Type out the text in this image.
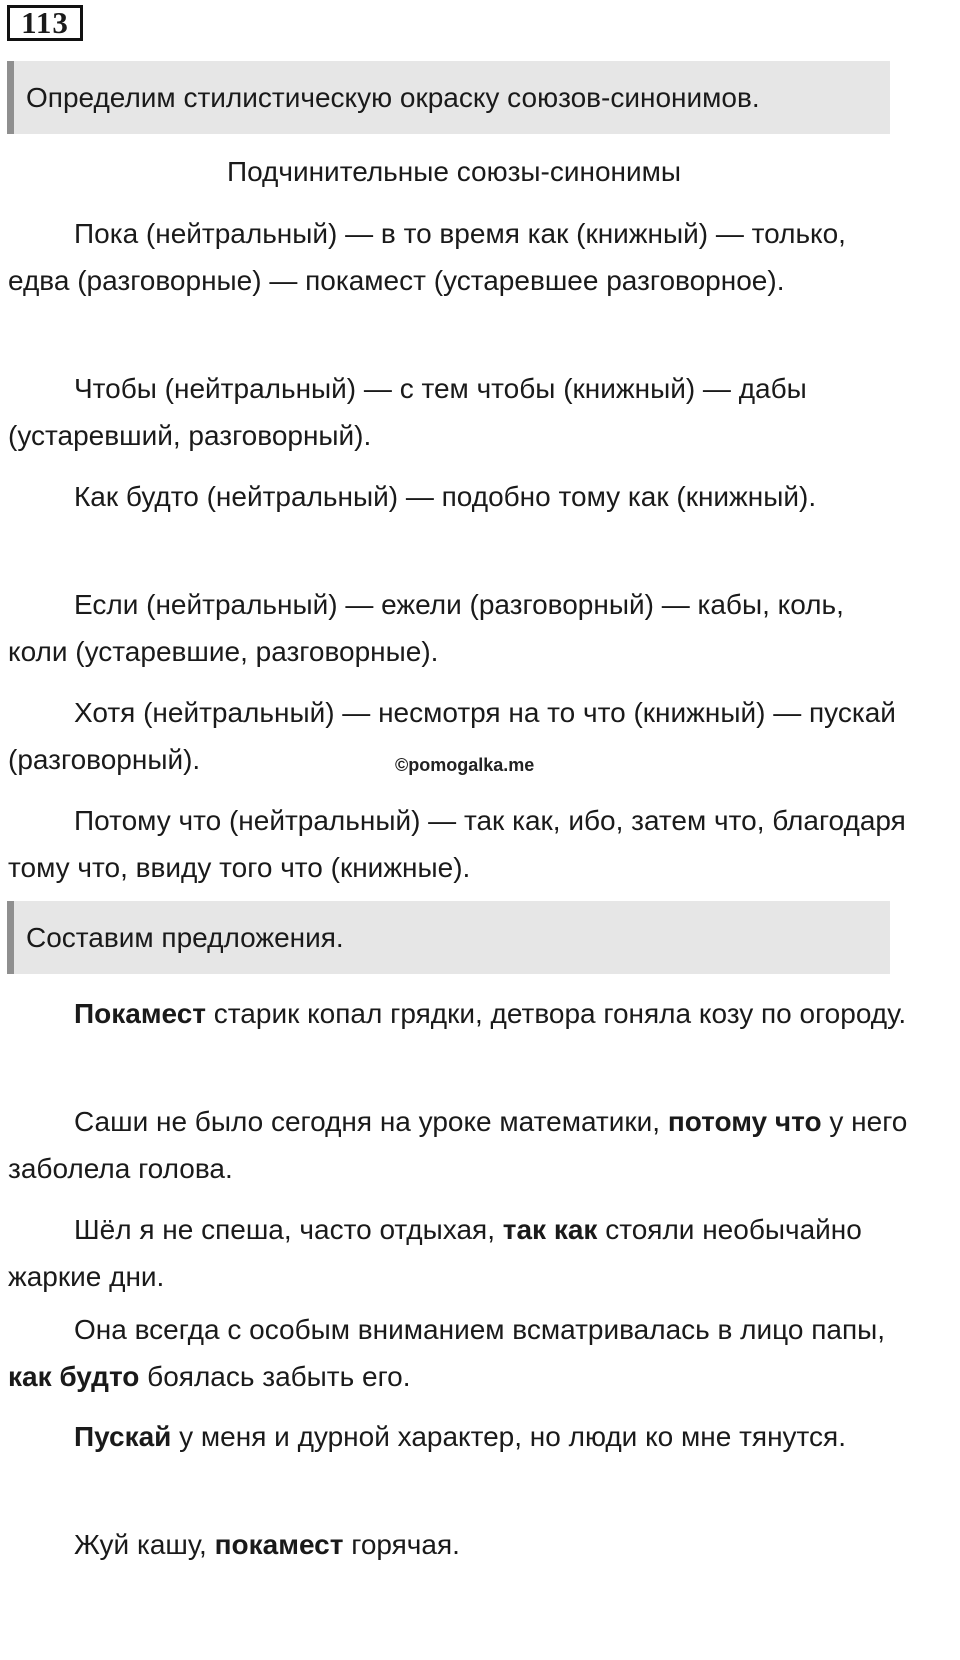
113
Определим стилистическую окраску союзов-синонимов.
Подчинительные союзы-синонимы

Пока (нейтральный) — в то время как (книжный) — только, едва (разговорные) — покамест (устаревшее разговорное).

Чтобы (нейтральный) — с тем чтобы (книжный) — дабы (устаревший, разговорный).

Как будто (нейтральный) — подобно тому как (книжный).

Если (нейтральный) — ежели (разговорный) — кабы, коль, коли (устаревшие, разговорные).

Хотя (нейтральный) — несмотря на то что (книжный) — пускай (разговорный).	©pomogalka.me

Потому что (нейтральный) — так как, ибо, затем что, благодаря тому что, ввиду того что (книжные).

Составим предложения.

Покамест старик копал грядки, детвора гоняла козу по огороду.

Саши не было сегодня на уроке математики, потому что у него заболела голова.

Шёл я не спеша, часто отдыхая, так как стояли необычайно жаркие дни.

Она всегда с особым вниманием всматривалась в лицо папы, как будто боялась забыть его.

Пускай у меня и дурной характер, но люди ко мне тянутся.

Жуй кашу, покамест горячая.
